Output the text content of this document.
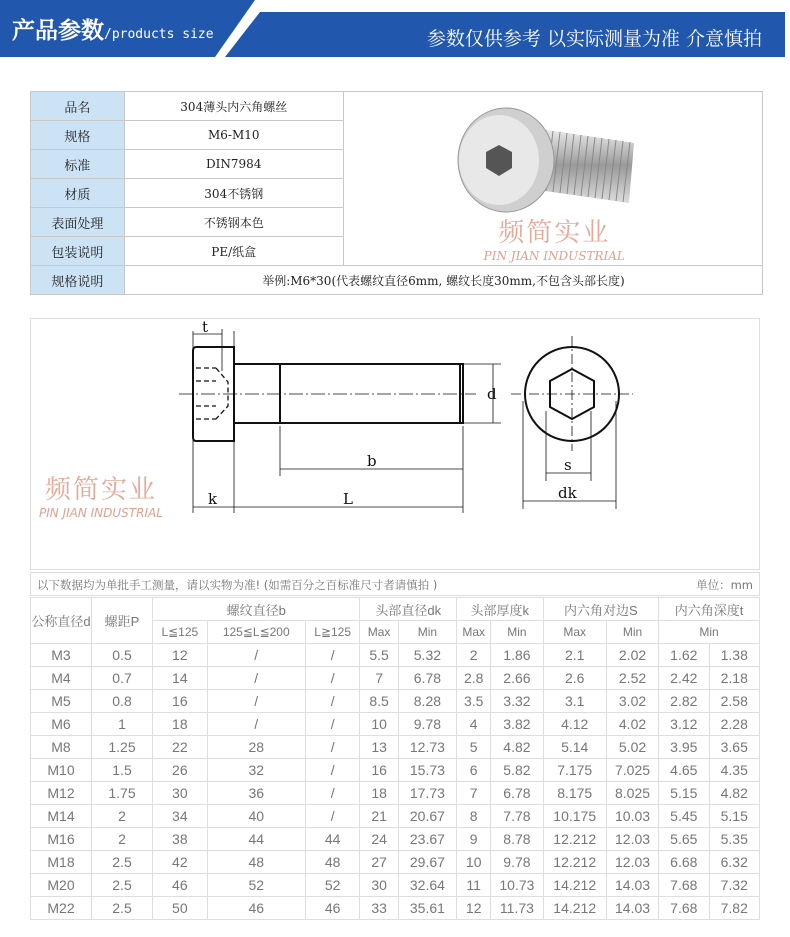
产品参数/products size	参数仅供参考 以实际测量为准 介意慎拍
品名	304薄头内六角螺丝	频简实业
PIN JIAN INDUSTRIAL

规格	M6-M10	
标准	DIN7984	
材质	304不锈钢	
表面处理	不锈钢本色	
包装说明	PE/纸盒	
规格说明	举例:M6*30(代表螺纹直径6mm, 螺纹长度30mm,不包含头部长度)	
t
d
b
k	L
s
dk
频简实业
PIN JIAN INDUSTRIAL
以下数据均为单批手工测量，请以实物为准! (如需百分之百标准尺寸者请慎拍 )	单位：mm
公称直径d	螺距P	螺纹直径b			头部直径dk		头部厚度k		内六角对边S		内六角深度t	
		L≦125	125≦L≦200	L≧125	Max	Min	Max	Min	Max	Min	Min	
M3	0.5	12	/	/	5.5	5.32	2	1.86	2.1	2.02	1.62	1.38
M4	0.7	14	/	/	7	6.78	2.8	2.66	2.6	2.52	2.42	2.18
M5	0.8	16	/	/	8.5	8.28	3.5	3.32	3.1	3.02	2.82	2.58
M6	1	18	/	/	10	9.78	4	3.82	4.12	4.02	3.12	2.28
M8	1.25	22	28	/	13	12.73	5	4.82	5.14	5.02	3.95	3.65
M10	1.5	26	32	/	16	15.73	6	5.82	7.175	7.025	4.65	4.35
M12	1.75	30	36	/	18	17.73	7	6.78	8.175	8.025	5.15	4.82
M14	2	34	40	/	21	20.67	8	7.78	10.175	10.03	5.45	5.15
M16	2	38	44	44	24	23.67	9	8.78	12.212	12.03	5.65	5.35
M18	2.5	42	48	48	27	29.67	10	9.78	12.212	12.03	6.68	6.32
M20	2.5	46	52	52	30	32.64	11	10.73	14.212	14.03	7.68	7.32
M22	2.5	50	46	46	33	35.61	12	11.73	14.212	14.03	7.68	7.82
